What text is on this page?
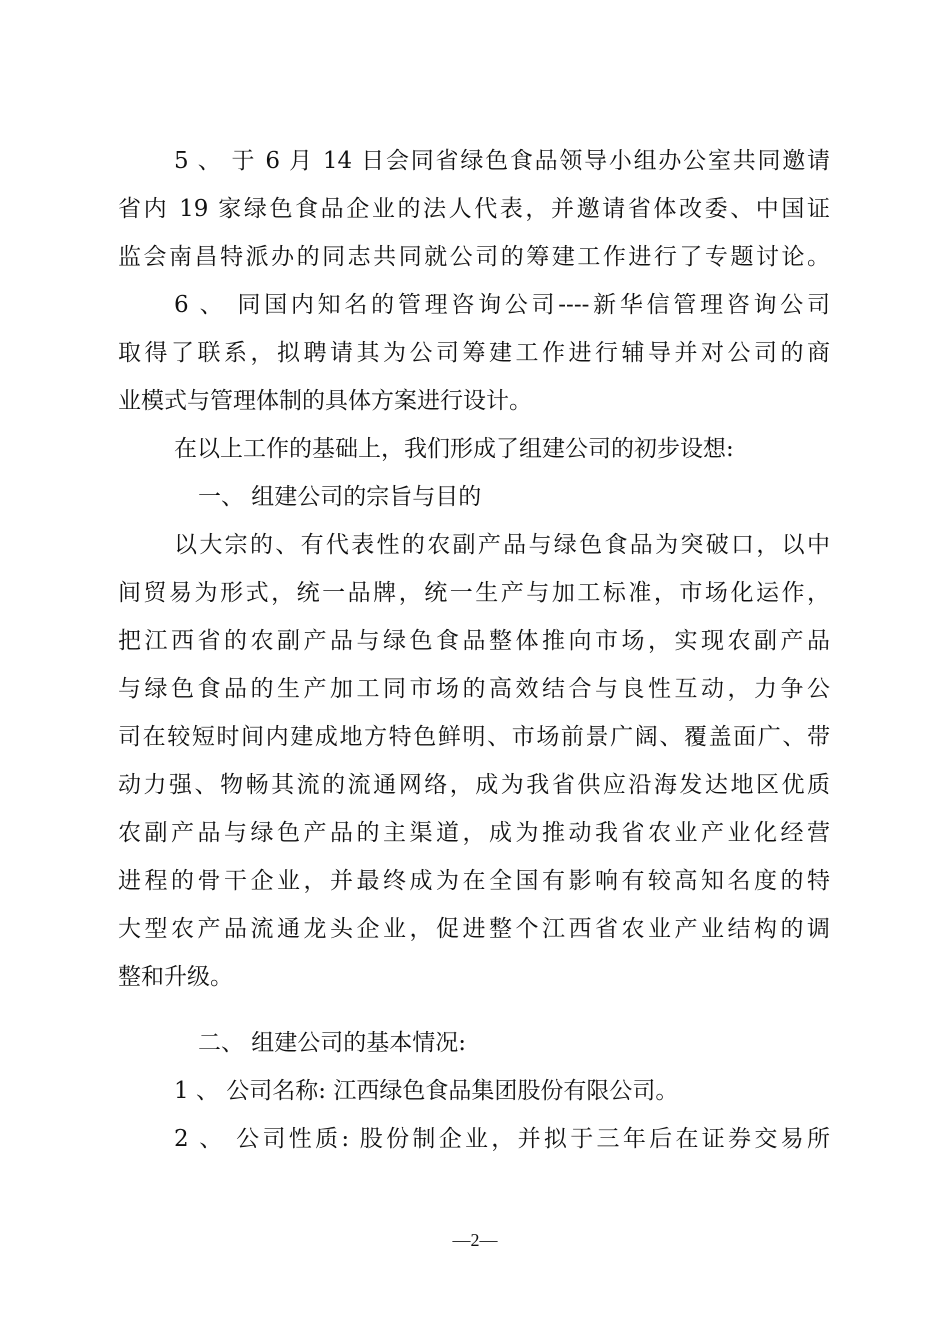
5 、 于 6 月 14 日会同省绿色食品领导小组办公室共同邀请
省内 19 家绿色食品企业的法人代表，并邀请省体改委、中国证
监会南昌特派办的同志共同就公司的筹建工作进行了专题讨论。
6 、 同国内知名的管理咨询公司----新华信管理咨询公司
取得了联系，拟聘请其为公司筹建工作进行辅导并对公司的商
业模式与管理体制的具体方案进行设计。
在以上工作的基础上，我们形成了组建公司的初步设想:
一、 组建公司的宗旨与目的
以大宗的、有代表性的农副产品与绿色食品为突破口，以中
间贸易为形式，统一品牌，统一生产与加工标准，市场化运作，
把江西省的农副产品与绿色食品整体推向市场，实现农副产品
与绿色食品的生产加工同市场的高效结合与良性互动，力争公
司在较短时间内建成地方特色鲜明、市场前景广阔、覆盖面广、带
动力强、物畅其流的流通网络，成为我省供应沿海发达地区优质
农副产品与绿色产品的主渠道，成为推动我省农业产业化经营
进程的骨干企业，并最终成为在全国有影响有较高知名度的特
大型农产品流通龙头企业，促进整个江西省农业产业结构的调
整和升级。
二、 组建公司的基本情况:
1 、 公司名称: 江西绿色食品集团股份有限公司。
2 、 公司性质: 股份制企业，并拟于三年后在证券交易所
—2—
